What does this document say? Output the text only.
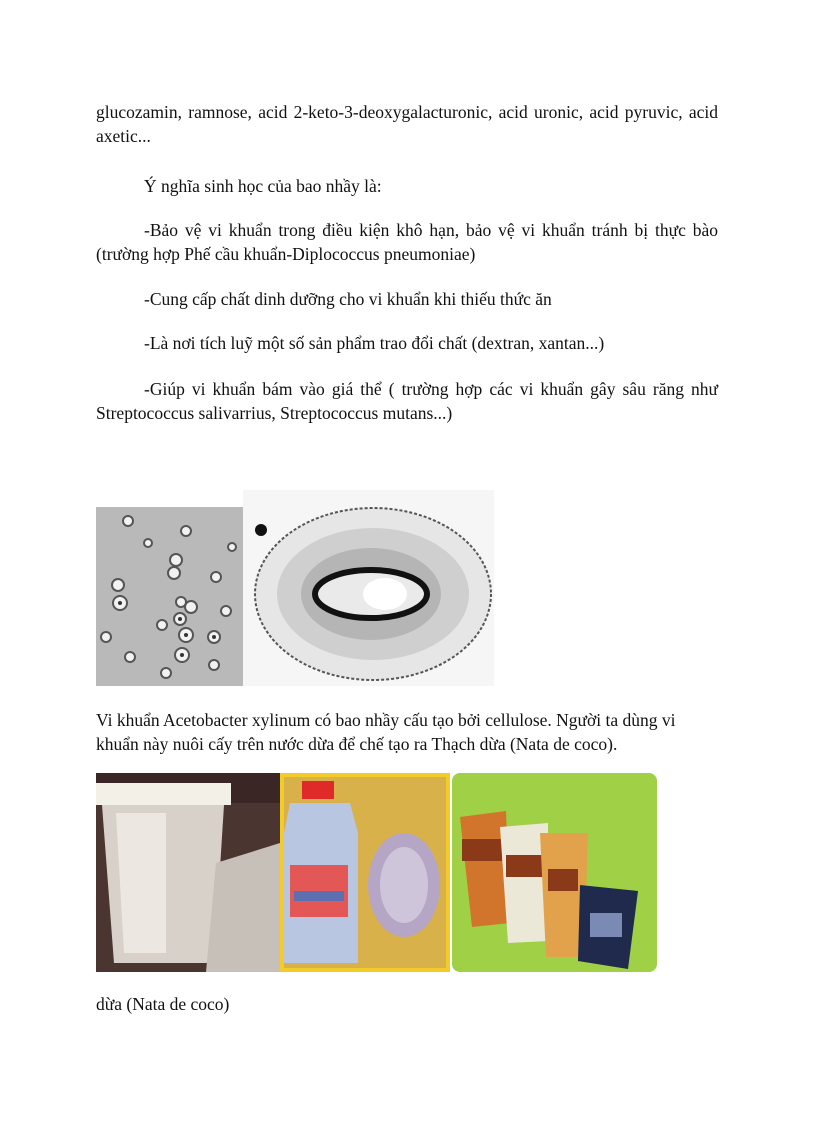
glucozamin, ramnose, acid 2-keto-3-deoxygalacturonic, acid uronic, acid pyruvic, acid axetic...

Ý nghĩa sinh học của bao nhầy là:

-Bảo vệ vi khuẩn trong điều kiện khô hạn, bảo vệ vi khuẩn tránh bị thực bào (trường hợp Phế cầu khuẩn-Diplococcus pneumoniae)

-Cung cấp chất dinh dưỡng cho vi khuẩn khi thiếu thức ăn

-Là nơi tích luỹ một số sản phẩm trao đổi chất (dextran, xantan...)

-Giúp vi khuẩn bám vào giá thể ( trường hợp các vi khuẩn gây sâu răng như Streptococcus salivarrius, Streptococcus mutans...)

Vi khuẩn Acetobacter xylinum có bao nhầy cấu tạo bởi cellulose. Người ta dùng vi khuẩn này nuôi cấy trên nước dừa để chế tạo ra Thạch dừa (Nata de coco).

dừa (Nata de coco)
